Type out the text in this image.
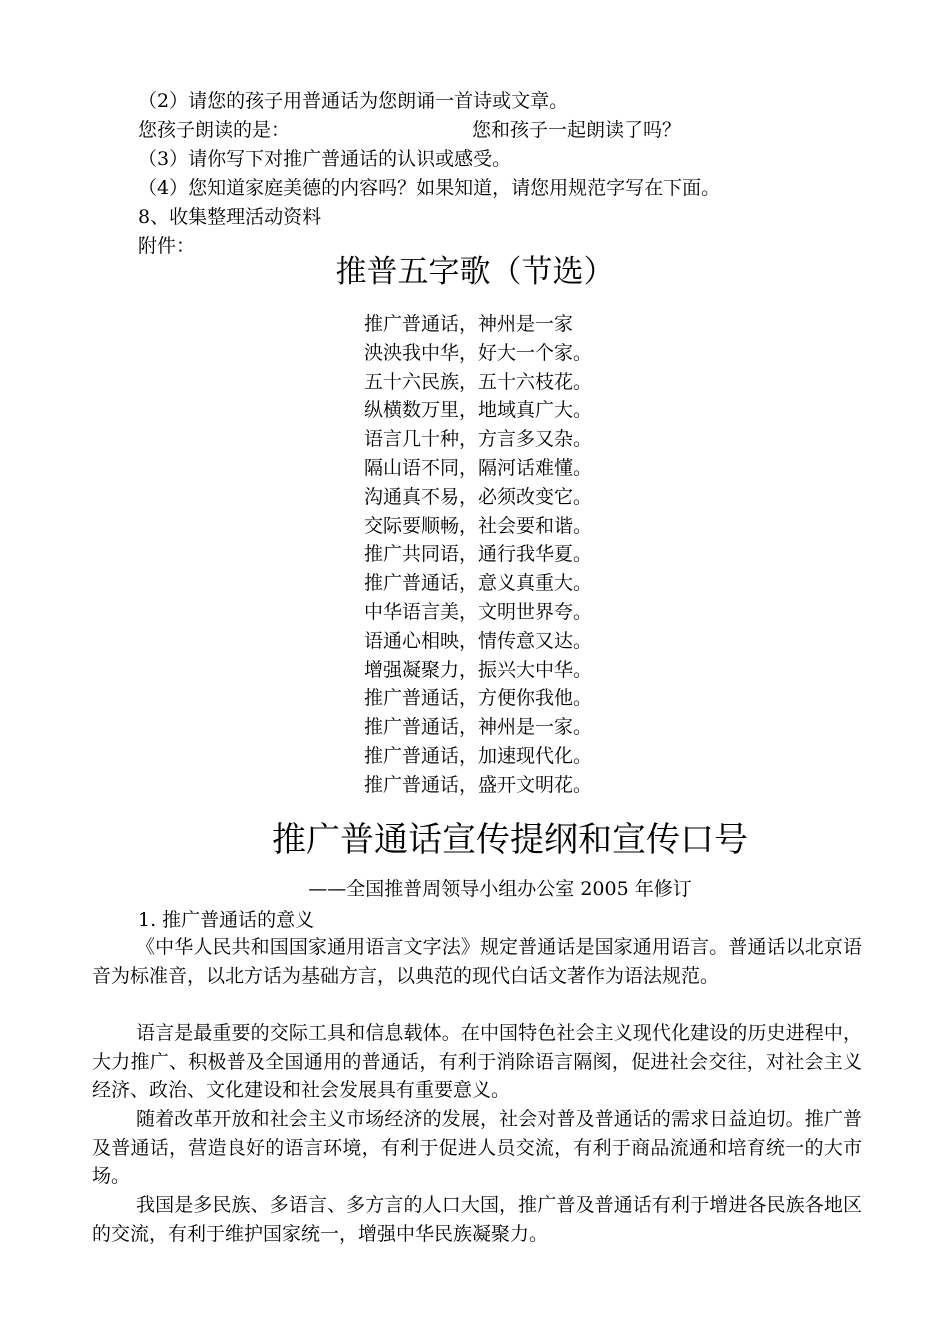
（2）请您的孩子用普通话为您朗诵一首诗或文章。
您孩子朗读的是：	您和孩子一起朗读了吗？
（3）请你写下对推广普通话的认识或感受。
（4）您知道家庭美德的内容吗？如果知道，请您用规范字写在下面。
8、收集整理活动资料
附件：
推普五字歌（节选）
推广普通话，神州是一家
泱泱我中华，好大一个家。
五十六民族，五十六枝花。
纵横数万里，地域真广大。
语言几十种，方言多又杂。
隔山语不同，隔河话难懂。
沟通真不易，必须改变它。
交际要顺畅，社会要和谐。
推广共同语，通行我华夏。
推广普通话，意义真重大。
中华语言美，文明世界夸。
语通心相映，情传意又达。
增强凝聚力，振兴大中华。
推广普通话，方便你我他。
推广普通话，神州是一家。
推广普通话，加速现代化。
推广普通话，盛开文明花。
推广普通话宣传提纲和宣传口号
——全国推普周领导小组办公室 2005 年修订
1. 推广普通话的意义
《中华人民共和国国家通用语言文字法》规定普通话是国家通用语言。普通话以北京语音为标准音，以北方话为基础方言，以典范的现代白话文著作为语法规范。
语言是最重要的交际工具和信息载体。在中国特色社会主义现代化建设的历史进程中，大力推广、积极普及全国通用的普通话，有利于消除语言隔阂，促进社会交往，对社会主义经济、政治、文化建设和社会发展具有重要意义。
随着改革开放和社会主义市场经济的发展，社会对普及普通话的需求日益迫切。推广普及普通话，营造良好的语言环境，有利于促进人员交流，有利于商品流通和培育统一的大市场。
我国是多民族、多语言、多方言的人口大国，推广普及普通话有利于增进各民族各地区的交流，有利于维护国家统一，增强中华民族凝聚力。
